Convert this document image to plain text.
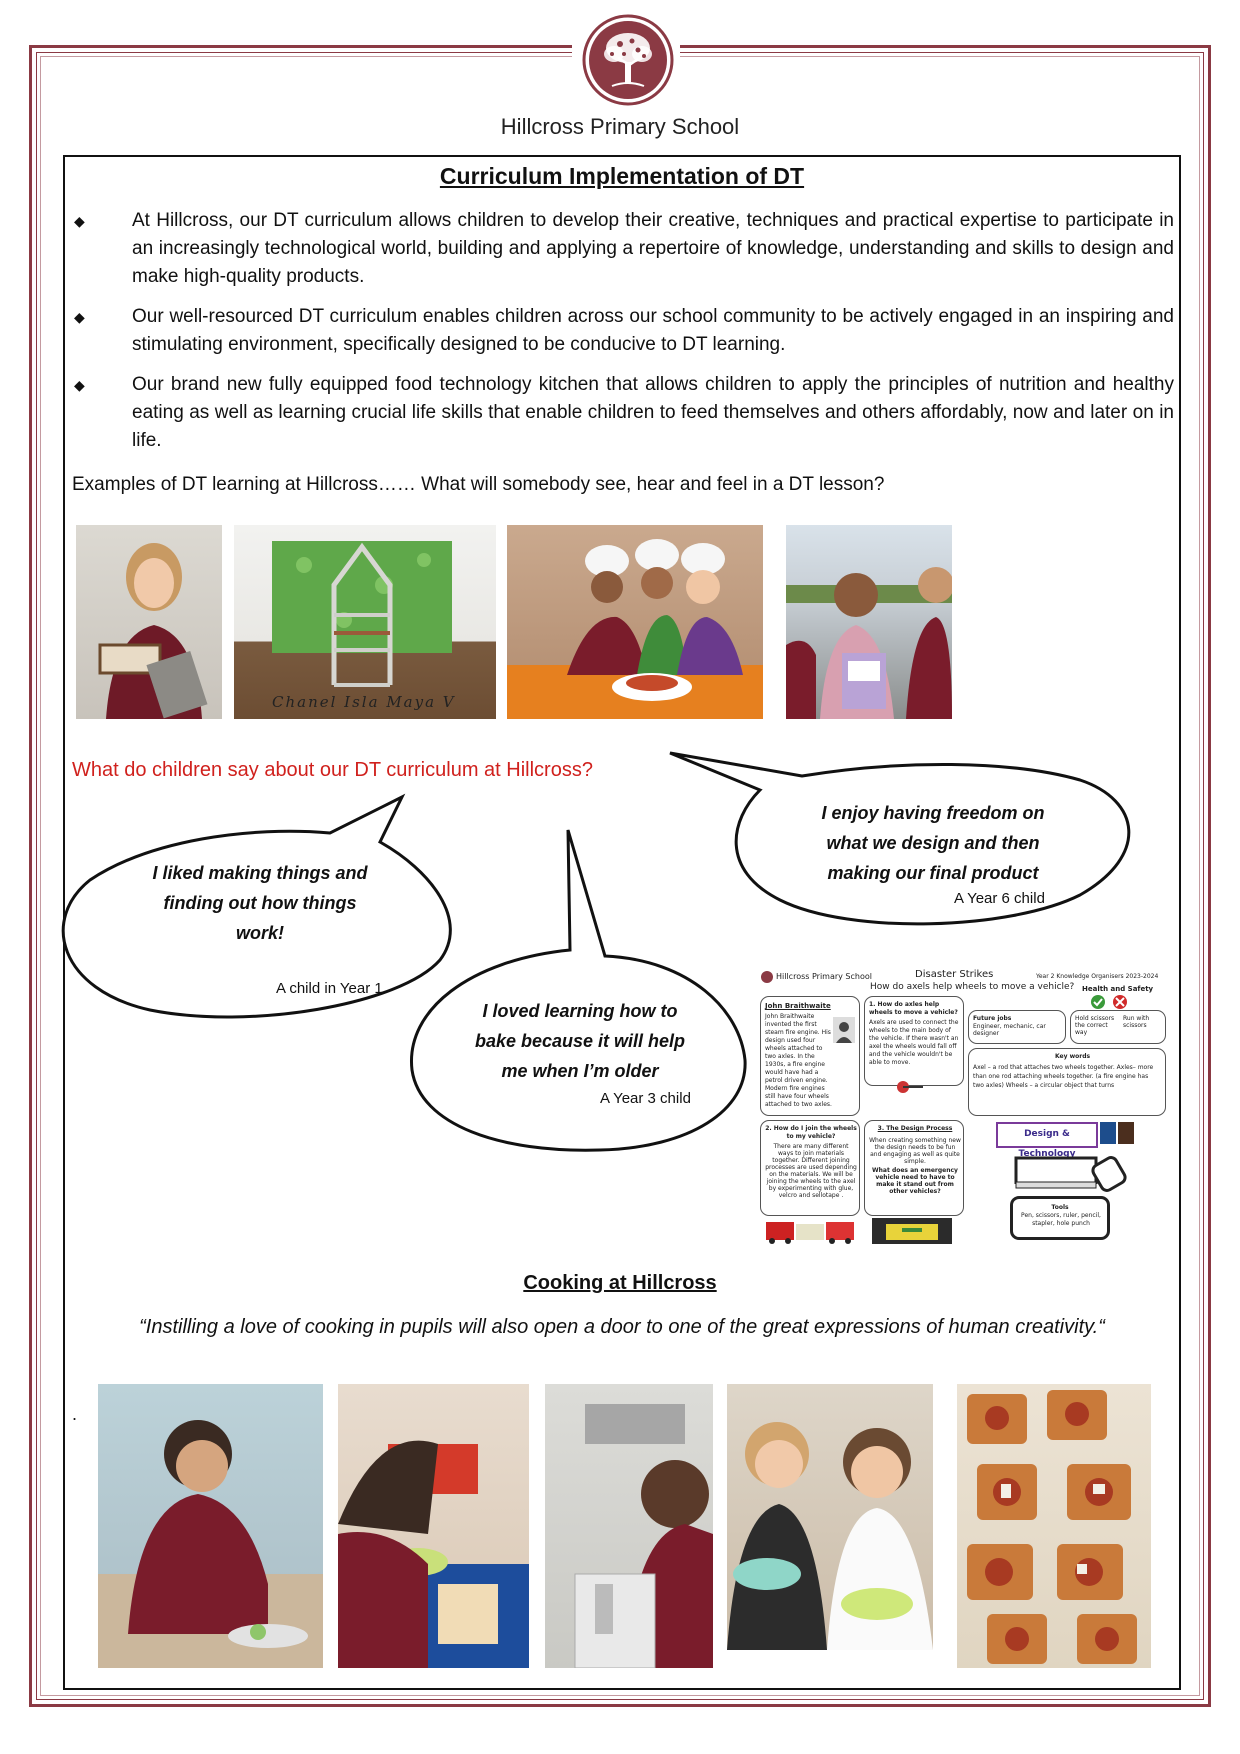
Hillcross Primary School
Curriculum Implementation of DT
◆ At Hillcross, our DT curriculum allows children to develop their creative, techniques and practical expertise to participate in an increasingly technological world, building and applying a repertoire of knowledge, understanding and skills to design and make high-quality products.
◆ Our well-resourced DT curriculum enables children across our school community to be actively engaged in an inspiring and stimulating environment, specifically designed to be conducive to DT learning.
◆ Our brand new fully equipped food technology kitchen that allows children to apply the principles of nutrition and healthy eating as well as learning crucial life skills that enable children to feed themselves and others affordably, now and later on in life.
Examples of DT learning at Hillcross…… What will somebody see, hear and feel in a DT lesson?
Chanel Isla Maya V
What do children say about our DT curriculum at Hillcross?
I liked making things and finding out how things work!
A child in Year 1
I enjoy having freedom on what we design and then making our final product
A Year 6 child
I loved learning how to bake because it will help me when I’m older
A Year 3 child
Hillcross Primary School	Disaster Strikes
How do axels help wheels to move a vehicle?
Year 2 Knowledge Organisers 2023-2024
Health and Safety
Hold scissors the correct way
Run with scissors
John Braithwaite
John Braithwaite invented the first steam fire engine. His design used four wheels attached to two axles. In the 1930s, a fire engine would have had a petrol driven engine. Modern fire engines still have four wheels attached to two axles.
1. How do axles help wheels to move a vehicle?
Axels are used to connect the wheels to the main body of the vehicle. If there wasn't an axel the wheels would fall off and the vehicle wouldn't be able to move.
Future jobs
Engineer, mechanic, car designer
Key words
Axel – a rod that attaches two wheels together. Axles– more than one rod attaching wheels together. (a fire engine has two axles) Wheels – a circular object that turns
2. How do I join the wheels to my vehicle?
There are many different ways to join materials together. Different joining processes are used depending on the materials. We will be joining the wheels to the axel by experimenting with glue, velcro and sellotape .
3. The Design Process
When creating something new the design needs to be fun and engaging as well as quite simple.
What does an emergency vehicle need to have to make it stand out from other vehicles?
Design & Technology
Tools
Pen, scissors, ruler, pencil, stapler, hole punch
Cooking at Hillcross
“Instilling a love of cooking in pupils will also open a door to one of the great expressions of human creativity.“
.
